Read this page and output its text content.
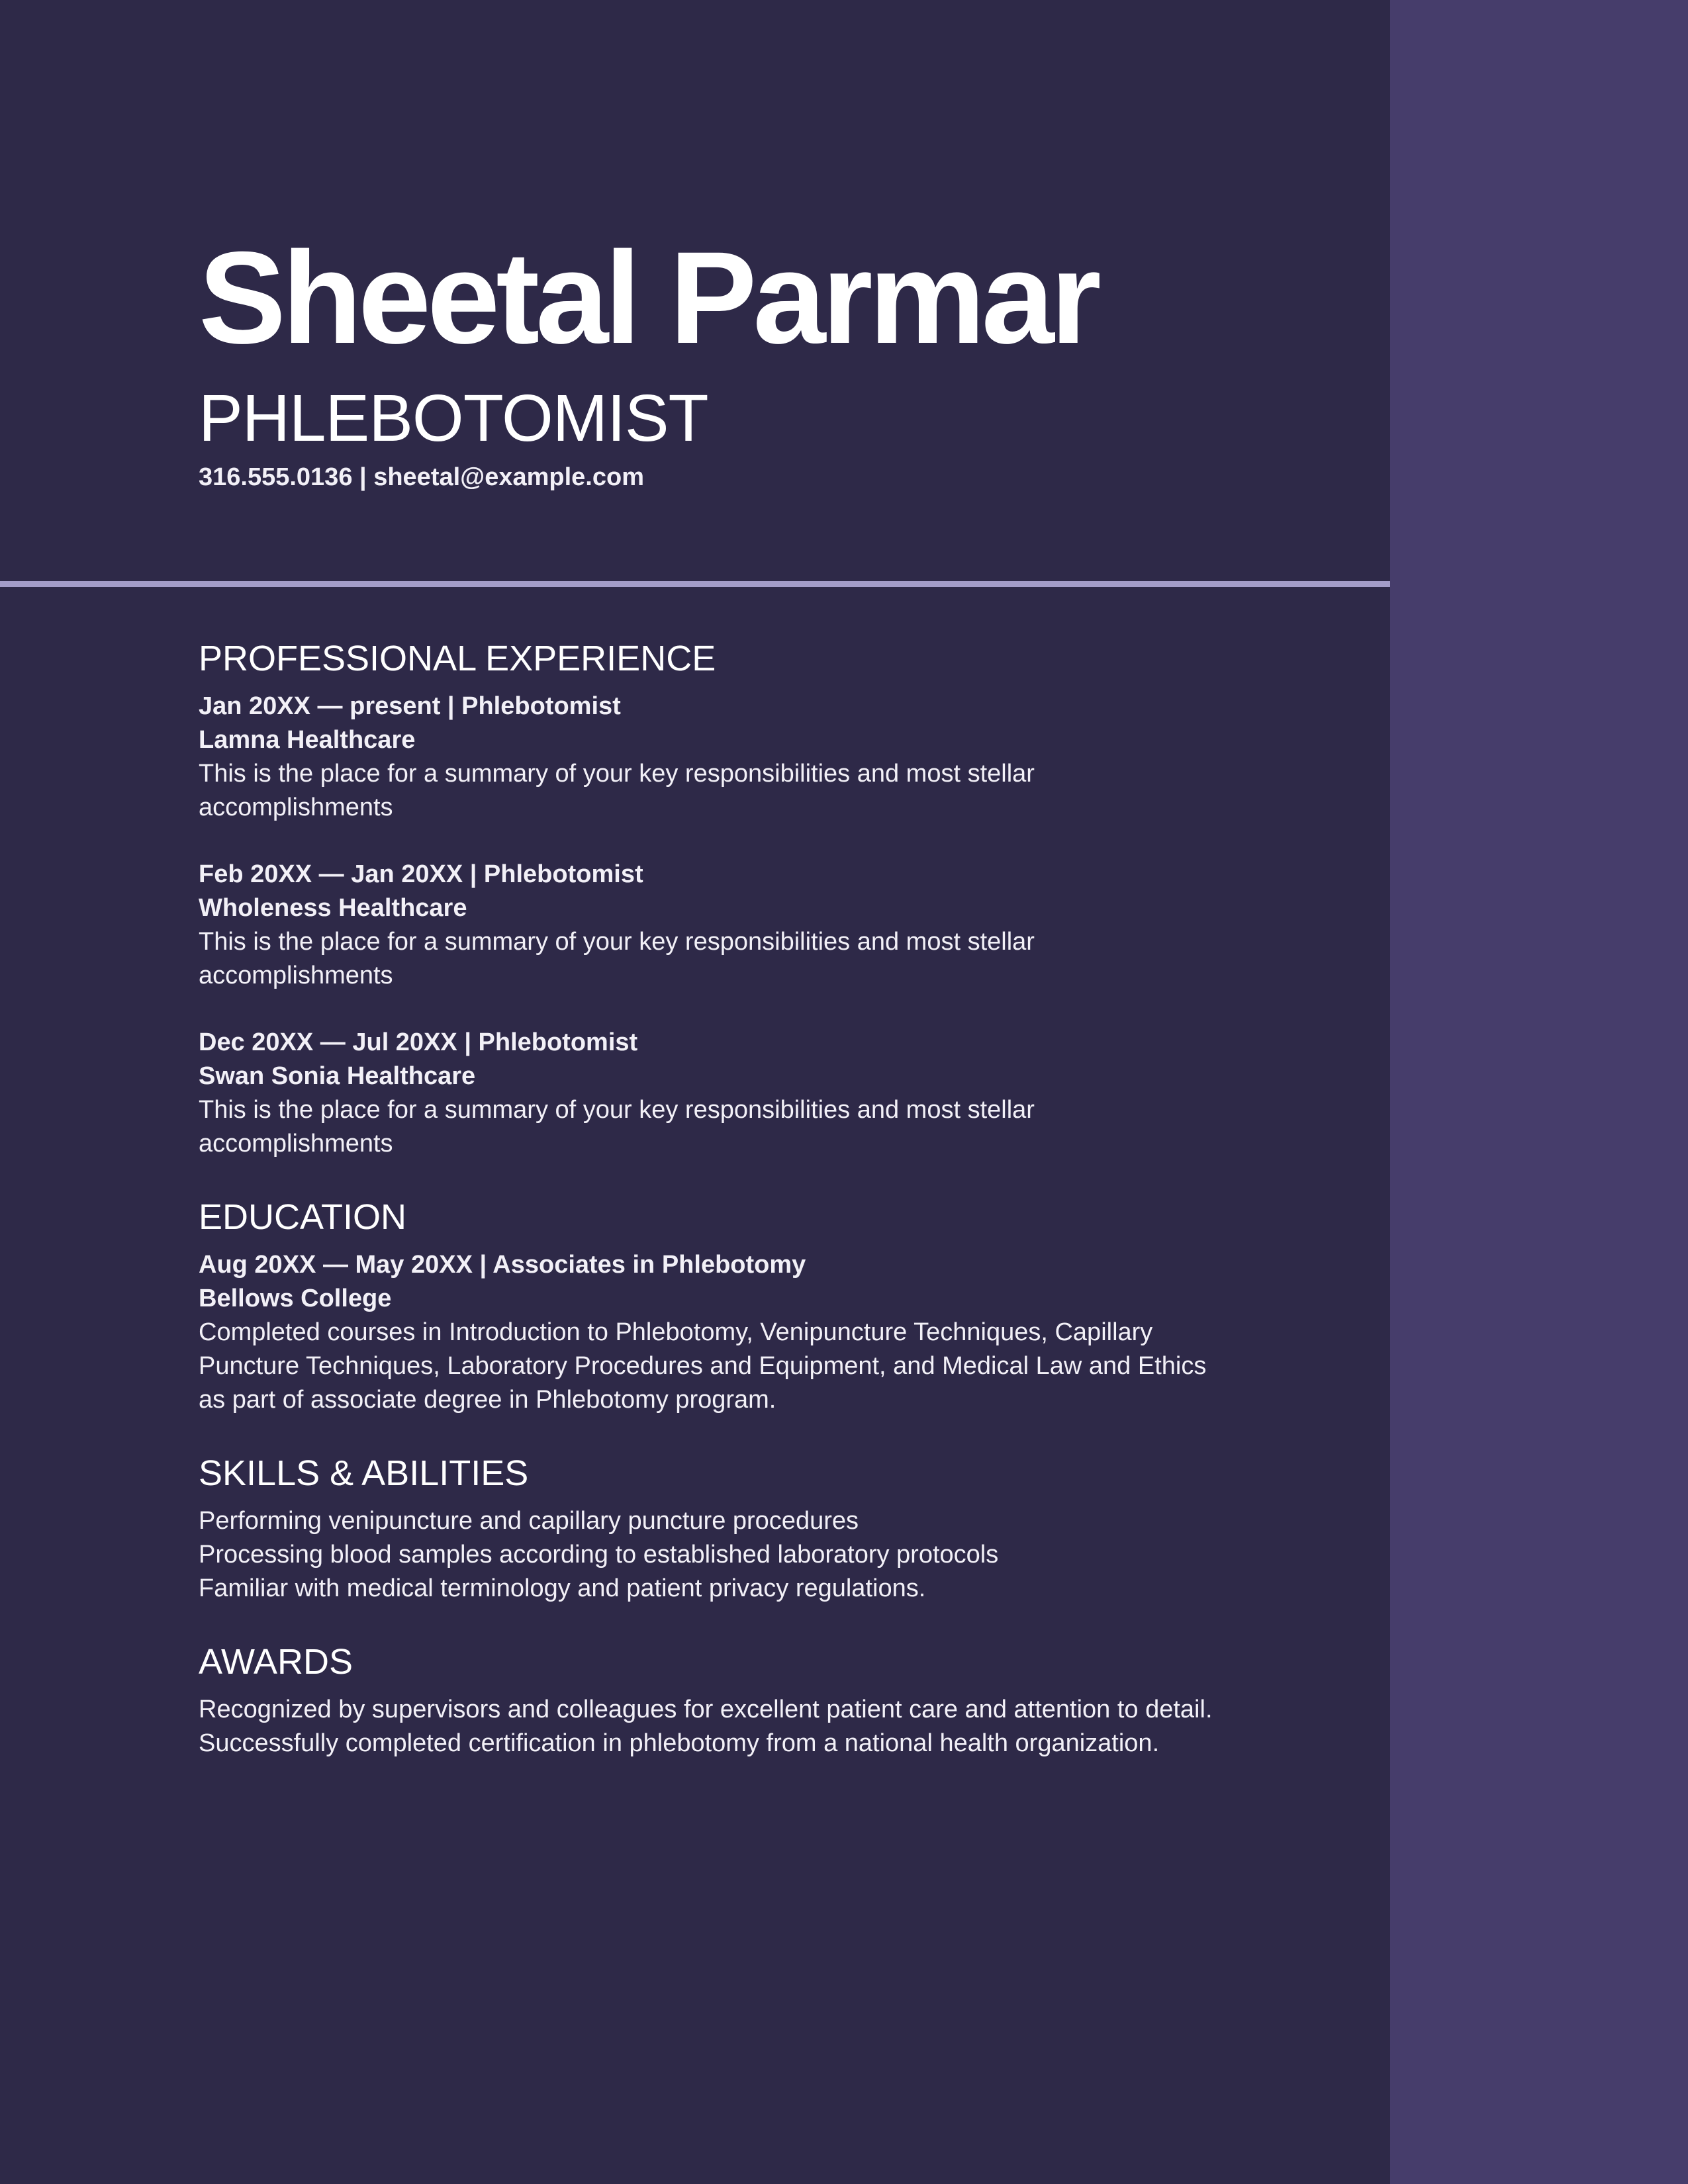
Sheetal Parmar
PHLEBOTOMIST
316.555.0136 | sheetal@example.com
PROFESSIONAL EXPERIENCE
Jan 20XX — present | Phlebotomist
Lamna Healthcare
This is the place for a summary of your key responsibilities and most stellar accomplishments
Feb 20XX — Jan 20XX | Phlebotomist
Wholeness Healthcare
This is the place for a summary of your key responsibilities and most stellar accomplishments
Dec 20XX — Jul 20XX | Phlebotomist
Swan Sonia Healthcare
This is the place for a summary of your key responsibilities and most stellar accomplishments
EDUCATION
Aug 20XX — May 20XX | Associates in Phlebotomy
Bellows College
Completed courses in Introduction to Phlebotomy, Venipuncture Techniques, Capillary Puncture Techniques, Laboratory Procedures and Equipment, and Medical Law and Ethics as part of associate degree in Phlebotomy program.
SKILLS & ABILITIES
Performing venipuncture and capillary puncture procedures
Processing blood samples according to established laboratory protocols
Familiar with medical terminology and patient privacy regulations.
AWARDS
Recognized by supervisors and colleagues for excellent patient care and attention to detail. Successfully completed certification in phlebotomy from a national health organization.
